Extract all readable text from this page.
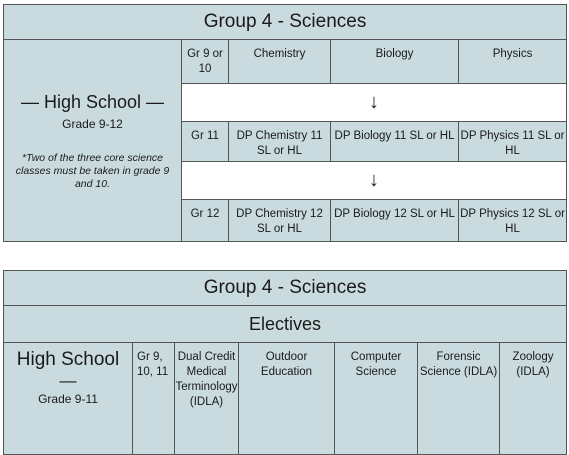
Group 4 - Sciences				

— High School —
Grade 9-12
*Two of the three core science classes must be taken in grade 9 and 10.	Gr 9 or 10	Chemistry	Biology	Physics
	↓			
	Gr 11	DP Chemistry 11 SL or HL	DP Biology 11 SL or HL	DP Physics 11 SL or HL
	↓			
	Gr 12	DP Chemistry 12 SL or HL	DP Biology 12 SL or HL	DP Physics 12 SL or HL
Group 4 - Sciences
Electives

High School
—
Grade 9-11
	Gr 9, 10, 11	Dual Credit Medical Terminology (IDLA)	Outdoor Education	Computer Science	Forensic Science (IDLA)	Zoology (IDLA)
